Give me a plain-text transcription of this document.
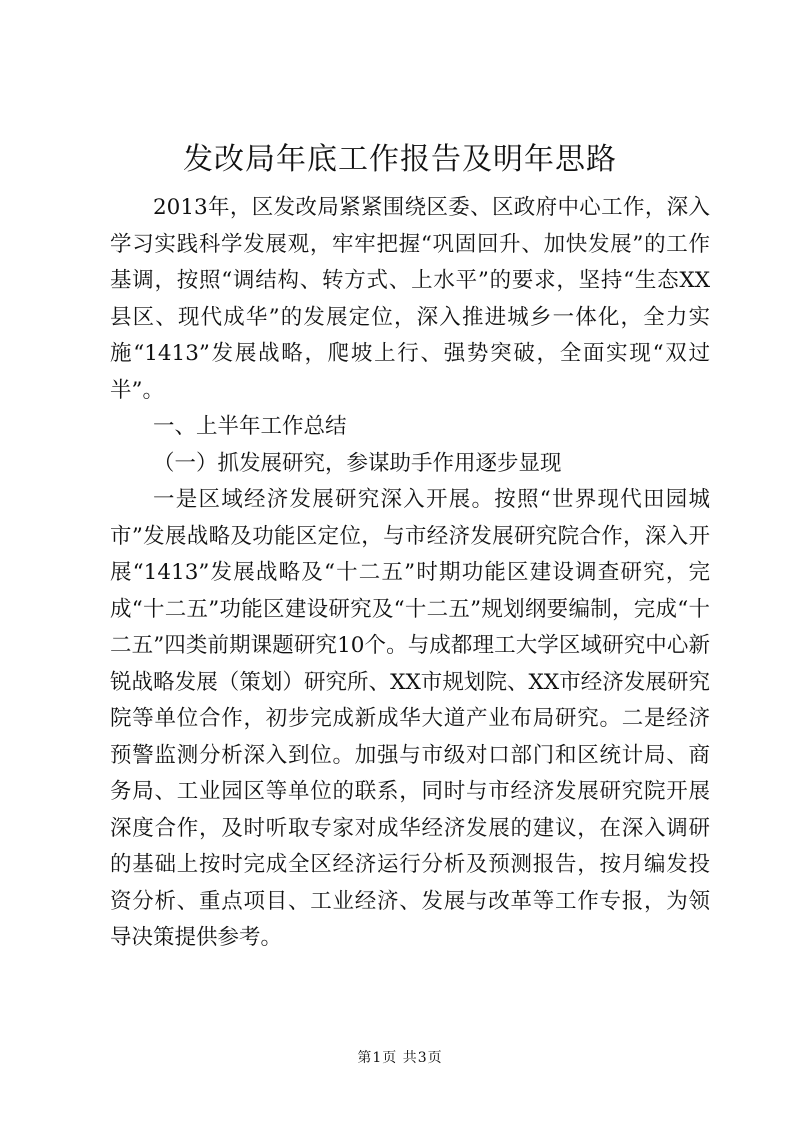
发改局年底工作报告及明年思路

2013年，区发改局紧紧围绕区委、区政府中心工作，深入学习实践科学发展观，牢牢把握“巩固回升、加快发展”的工作基调，按照“调结构、转方式、上水平”的要求，坚持“生态XX县区、现代成华”的发展定位，深入推进城乡一体化，全力实施“1413”发展战略，爬坡上行、强势突破，全面实现“双过半”。

一、上半年工作总结

（一）抓发展研究，参谋助手作用逐步显现

一是区域经济发展研究深入开展。按照“世界现代田园城市”发展战略及功能区定位，与市经济发展研究院合作，深入开展“1413”发展战略及“十二五”时期功能区建设调查研究，完成“十二五”功能区建设研究及“十二五”规划纲要编制，完成“十二五”四类前期课题研究10个。与成都理工大学区域研究中心新锐战略发展（策划）研究所、XX市规划院、XX市经济发展研究院等单位合作，初步完成新成华大道产业布局研究。二是经济预警监测分析深入到位。加强与市级对口部门和区统计局、商务局、工业园区等单位的联系，同时与市经济发展研究院开展深度合作，及时听取专家对成华经济发展的建议，在深入调研的基础上按时完成全区经济运行分析及预测报告，按月编发投资分析、重点项目、工业经济、发展与改革等工作专报，为领导决策提供参考。

第1页 共3页
